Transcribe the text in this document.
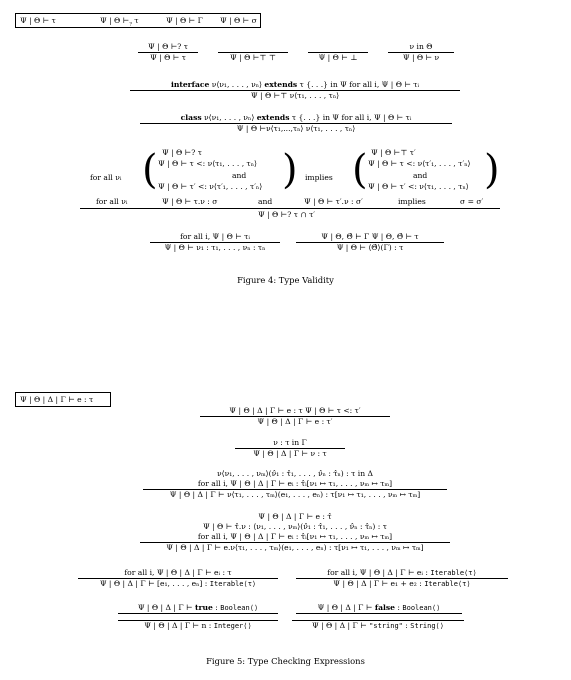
Ψ | Θ ⊢ τ	Ψ | Θ $⊢_?$ τ	Ψ | Θ ⊢ Γ Ψ | Θ ⊢ σ
Ψ | Θ ⊢? τ
Ψ | Θ ⊢ τ
	Ψ | Θ ⊢⊤ ⊤
	Ψ | Θ ⊢ ⊥
ν in Θ
Ψ | Θ ⊢ ν
interface ν⟨ν₁, . . . , νₙ⟩ extends τ {. . .} in Ψ for all i, Ψ | Θ ⊢ τᵢ
Ψ | Θ ⊢⊤ ν⟨τ₁, . . . , τₙ⟩
class ν⟨ν₁, . . . , νₙ⟩ extends τ {. . .} in Ψ for all i, Ψ | Θ ⊢ τᵢ
Ψ | Θ ⊢ν⟨τ₁,...,τₙ⟩ ν⟨τ₁, . . . , τₙ⟩
for all νᵢ ( Ψ | Θ ⊢? τ
Ψ | Θ ⊢ τ <: ν⟨τ₁, . . . , τₙ⟩
and
Ψ | Θ ⊢ τ′ <: ν⟨τ′₁, . . . , τ′ₙ⟩ ) implies ( Ψ | Θ ⊢⊤ τ′
Ψ | Θ ⊢ τ <: ν⟨τ′₁, . . . , τ′ₙ⟩
and
Ψ | Θ ⊢ τ′ <: ν⟨τ₁, . . . , τₙ⟩ )
for all νᵢ	Ψ | Θ ⊢ τ.ν : σ	and	Ψ | Θ ⊢ τ′.ν : σ′	implies	σ = σ′
Ψ | Θ ⊢? τ ∩ τ′
for all i, Ψ | Θ ⊢ τᵢ
Ψ | Θ ⊢ ν₁ : τ₁, . . . , νₙ : τₙ
Ψ | Θ, Θ̂ ⊢ Γ Ψ | Θ, Θ̂ ⊢ τ
Ψ | Θ ⊢ ⟨Θ̂⟩(Γ) : τ
Figure 4: Type Validity
Ψ | Θ | Δ | Γ ⊢ e : τ
Ψ | Θ | Δ | Γ ⊢ e : τ Ψ | Θ ⊢ τ <: τ′
Ψ | Θ | Δ | Γ ⊢ e : τ′
ν : τ in Γ
Ψ | Θ | Δ | Γ ⊢ ν : τ
ν⟨ν₁, . . . , νₘ⟩(ν̂₁ : τ̂₁, . . . , ν̂ₙ : τ̂ₙ) : τ in Δ
for all i, Ψ | Θ | Δ | Γ ⊢ eᵢ : τ̂ᵢ[ν₁ ↦ τ₁, . . . , νₘ ↦ τₘ]
Ψ | Θ | Δ | Γ ⊢ ν⟨τ₁, . . . , τₘ⟩(e₁, . . . , eₙ) : τ[ν₁ ↦ τ₁, . . . , νₘ ↦ τₘ]
Ψ | Θ | Δ | Γ ⊢ e : τ̂
Ψ | Θ ⊢ τ̂.ν : ⟨ν₁, . . . , νₘ⟩(ν̂₁ : τ̂₁, . . . , ν̂ₙ : τ̂ₙ) : τ
for all i, Ψ | Θ | Δ | Γ ⊢ eᵢ : τ̂ᵢ[ν₁ ↦ τ₁, . . . , νₘ ↦ τₘ]
Ψ | Θ | Δ | Γ ⊢ e.ν⟨τ₁, . . . , τₘ⟩(e₁, . . . , eₙ) : τ[ν₁ ↦ τ₁, . . . , νₘ ↦ τₘ]
for all i, Ψ | Θ | Δ | Γ ⊢ eᵢ : τ
Ψ | Θ | Δ | Γ ⊢ [e₁, . . . , eₙ] : Iterable⟨τ⟩
for all i, Ψ | Θ | Δ | Γ ⊢ eᵢ : Iterable⟨τ⟩
Ψ | Θ | Δ | Γ ⊢ e₁ + e₂ : Iterable⟨τ⟩
Ψ | Θ | Δ | Γ ⊢ true : Boolean⟨⟩	Ψ | Θ | Δ | Γ ⊢ false : Boolean⟨⟩
Ψ | Θ | Δ | Γ ⊢ n : Integer⟨⟩	Ψ | Θ | Δ | Γ ⊢ "string" : String⟨⟩
Figure 5: Type Checking Expressions
